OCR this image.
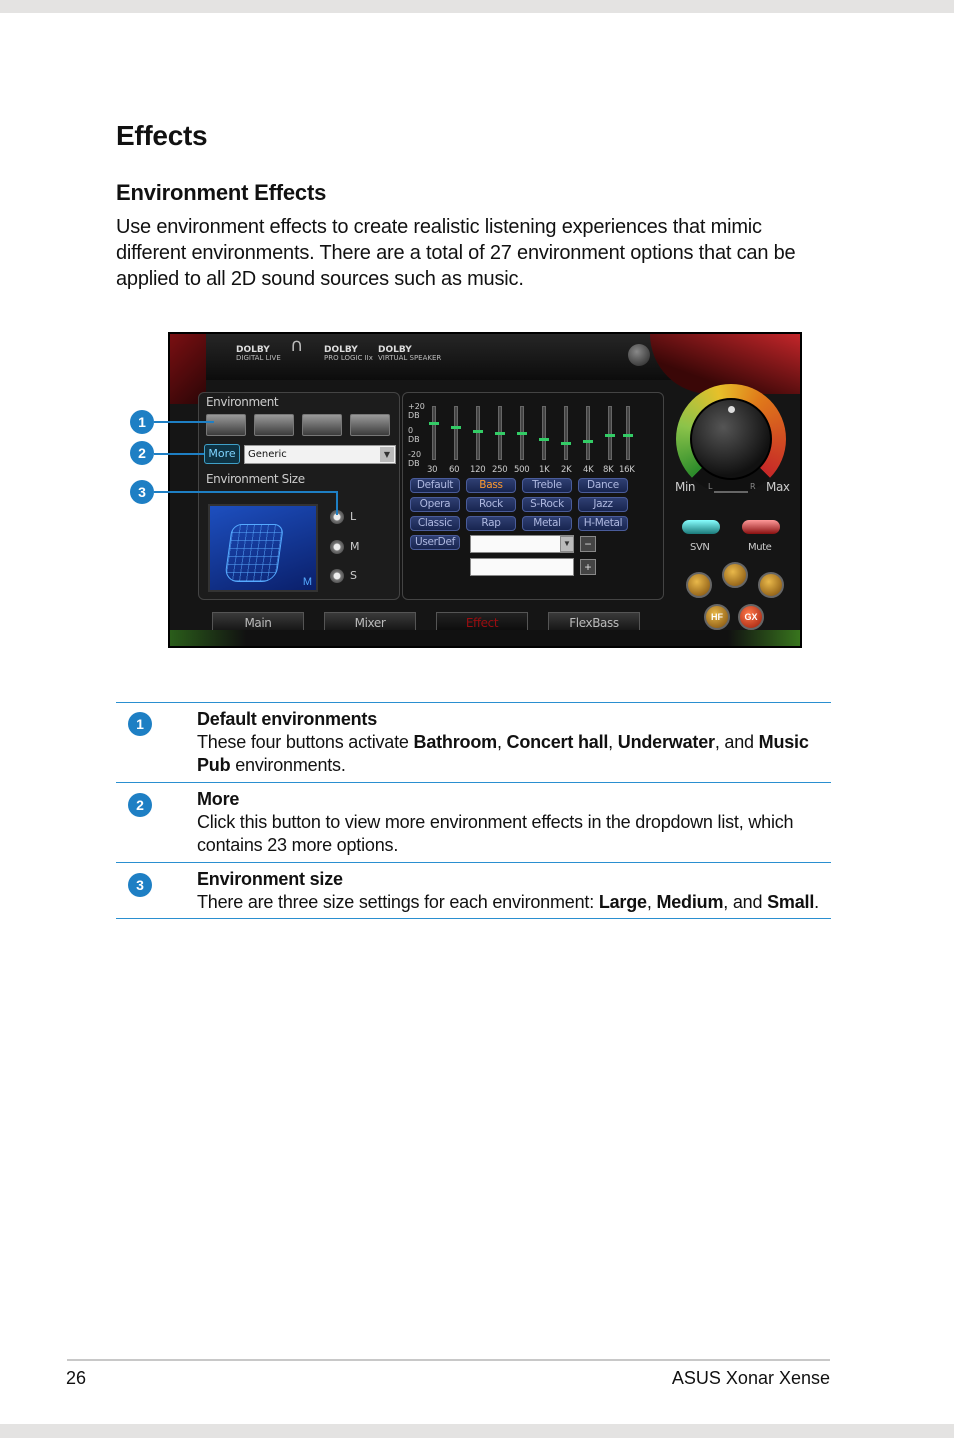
Effects
Environment Effects

Use environment effects to create realistic listening experiences that mimic different environments. There are a total of 27 environment options that can be applied to all 2D sound sources such as music.

DOLBY
DIGITAL LIVE
∩ DOLBY
PRO LOGIC IIx
DOLBY
VIRTUAL SPEAKER
Environment
More	Generic	▼
Environment Size
M
L
M
S
+20
DB
0
DB
-20
DB
30 60 120 250 500 1K 2K 4K 8K 16K
Default	Bass	Treble	Dance
Opera	Rock	S-Rock	Jazz
Classic	Rap	Metal	H-Metal
UserDef	▼	−
+
Min	Max
L	R
SVN	Mute
HF	GX
Main	Mixer	Effect	FlexBass
1
2
3
1	Default environments
These four buttons activate Bathroom, Concert hall, Underwater, and Music Pub environments.
2	More
Click this button to view more environment effects in the dropdown list, which contains 23 more options.
3	Environment size
There are three size settings for each environment: Large, Medium, and Small.
26	ASUS Xonar Xense
